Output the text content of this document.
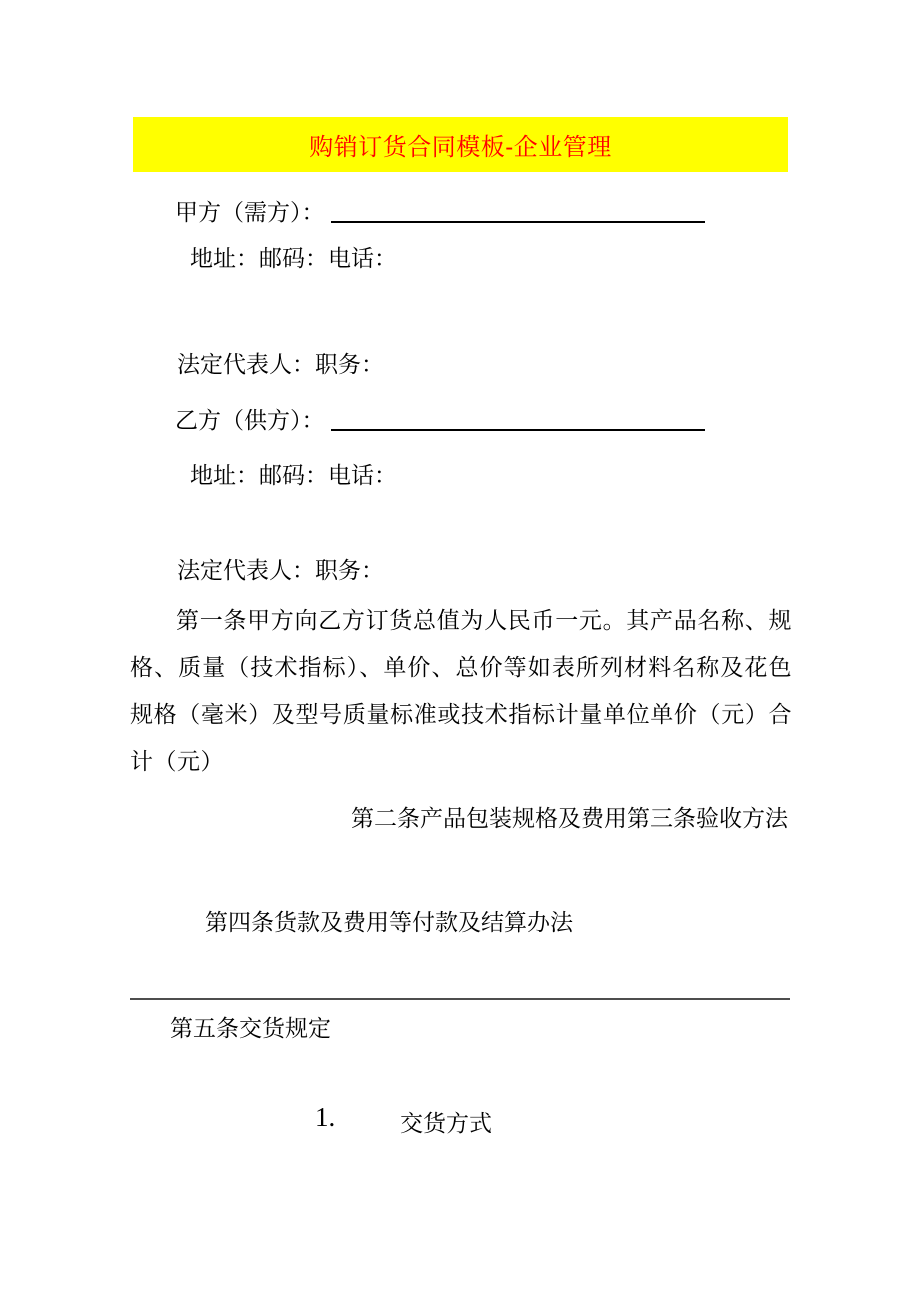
购销订货合同模板-企业管理
甲方（需方）：
地址：邮码：电话：
法定代表人：职务：
乙方（供方）：
地址：邮码：电话：
法定代表人：职务：
第一条甲方向乙方订货总值为人民币一元。其产品名称、规格、质量（技术指标）、单价、总价等如表所列材料名称及花色规格（毫米）及型号质量标准或技术指标计量单位单价（元）合计（元）
第二条产品包装规格及费用第三条验收方法
第四条货款及费用等付款及结算办法
第五条交货规定
1.	交货方式
